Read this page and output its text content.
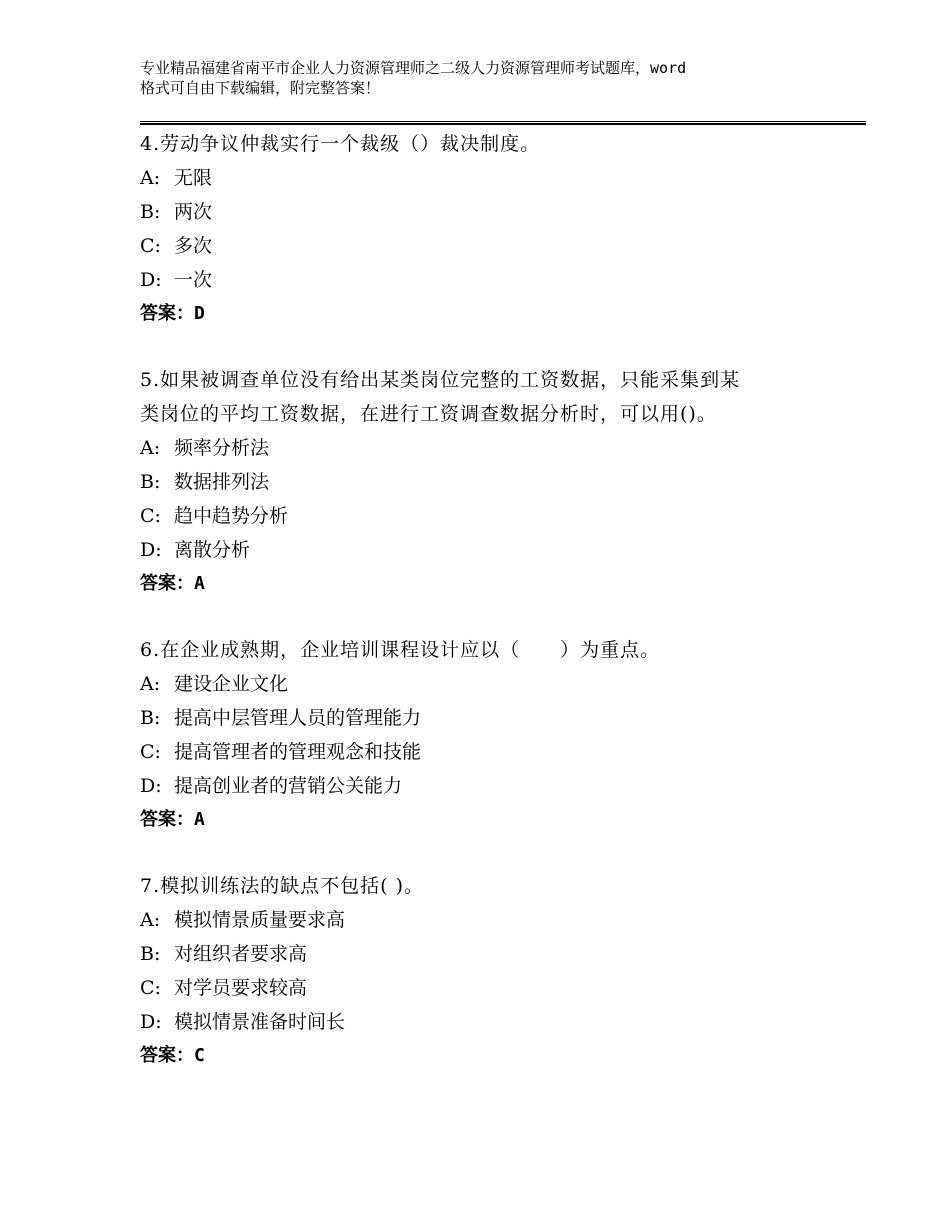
专业精品福建省南平市企业人力资源管理师之二级人力资源管理师考试题库，word
格式可自由下载编辑，附完整答案！
4.劳动争议仲裁实行一个裁级（）裁决制度。
A: 无限
B: 两次
C: 多次
D: 一次
答案：D
5.如果被调查单位没有给出某类岗位完整的工资数据，只能采集到某
类岗位的平均工资数据，在进行工资调查数据分析时，可以用()。
A: 频率分析法
B: 数据排列法
C: 趋中趋势分析
D: 离散分析
答案：A
6.在企业成熟期，企业培训课程设计应以（　　）为重点。
A: 建设企业文化
B: 提高中层管理人员的管理能力
C: 提高管理者的管理观念和技能
D: 提高创业者的营销公关能力
答案：A
7.模拟训练法的缺点不包括( )。
A: 模拟情景质量要求高
B: 对组织者要求高
C: 对学员要求较高
D: 模拟情景准备时间长
答案：C
